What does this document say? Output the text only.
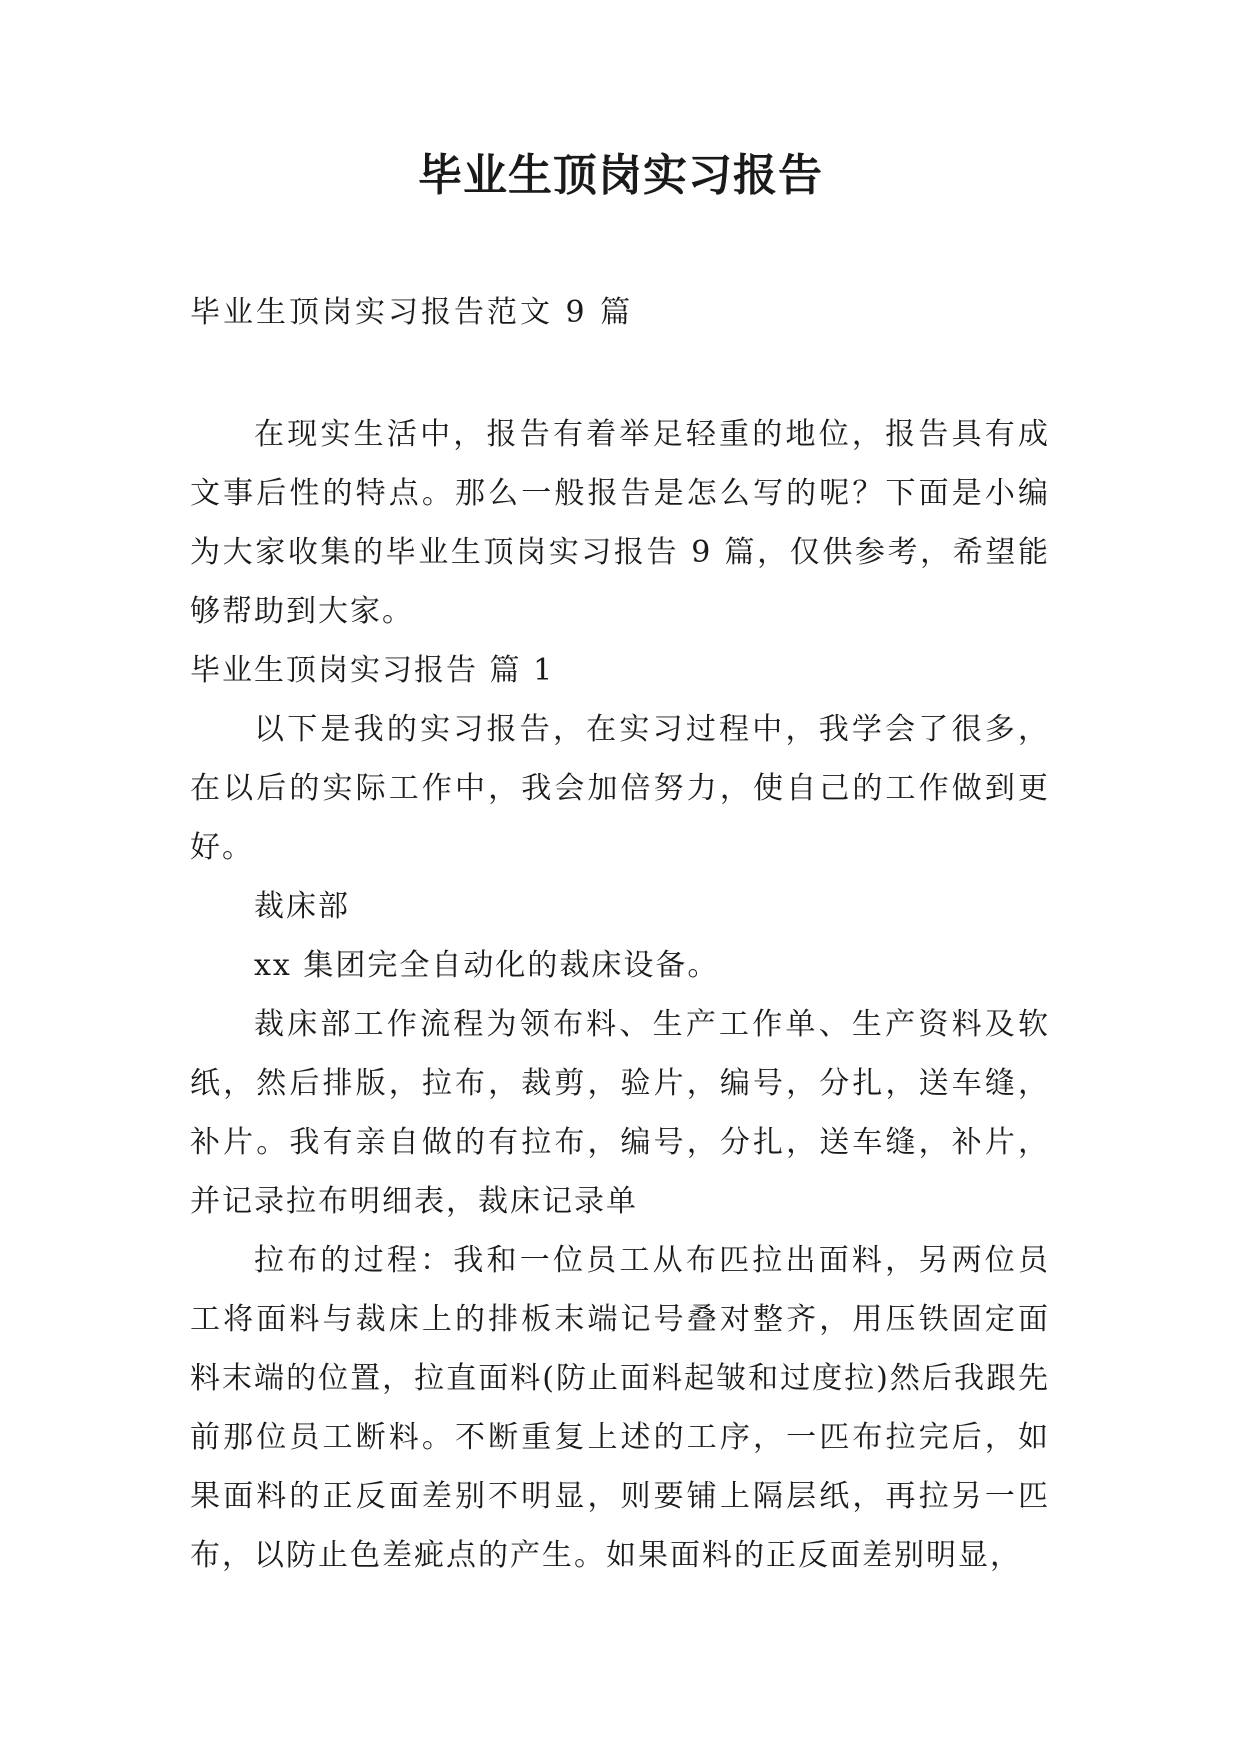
毕业生顶岗实习报告
毕业生顶岗实习报告范文 9 篇

在现实生活中，报告有着举足轻重的地位，报告具有成文事后性的特点。那么一般报告是怎么写的呢？下面是小编为大家收集的毕业生顶岗实习报告 9 篇，仅供参考，希望能够帮助到大家。

毕业生顶岗实习报告 篇 1

以下是我的实习报告，在实习过程中，我学会了很多，在以后的实际工作中，我会加倍努力，使自己的工作做到更好。

裁床部

xx 集团完全自动化的裁床设备。

裁床部工作流程为领布料、生产工作单、生产资料及软纸，然后排版，拉布，裁剪，验片，编号，分扎，送车缝，补片。我有亲自做的有拉布，编号，分扎，送车缝，补片，并记录拉布明细表，裁床记录单

拉布的过程：我和一位员工从布匹拉出面料，另两位员工将面料与裁床上的排板末端记号叠对整齐，用压铁固定面料末端的位置，拉直面料(防止面料起皱和过度拉)然后我跟先前那位员工断料。不断重复上述的工序，一匹布拉完后，如果面料的正反面差别不明显，则要铺上隔层纸，再拉另一匹布，以防止色差疵点的产生。如果面料的正反面差别明显，
